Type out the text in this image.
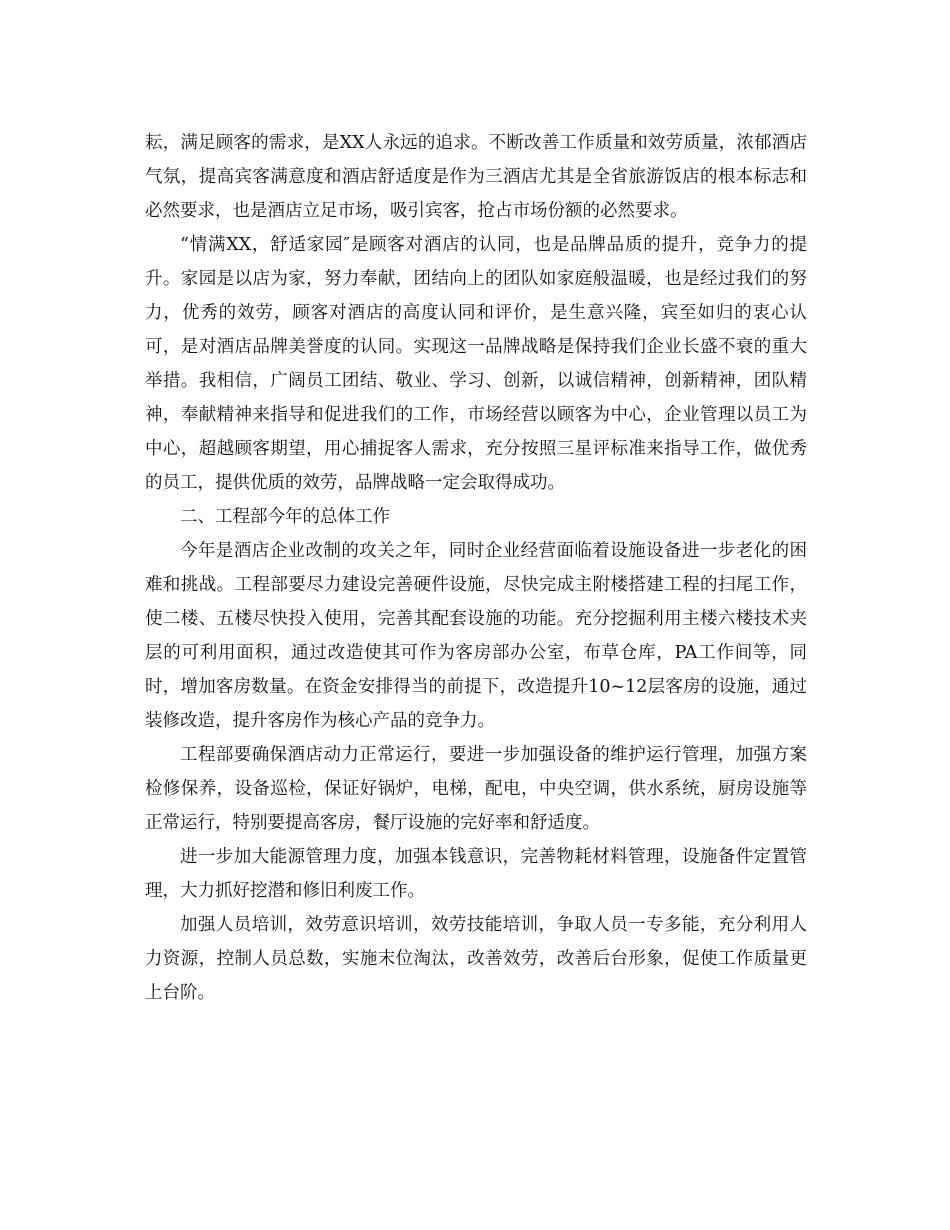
耘，满足顾客的需求，是XX人永远的追求。不断改善工作质量和效劳质量，浓郁酒店气氛，提高宾客满意度和酒店舒适度是作为三酒店尤其是全省旅游饭店的根本标志和必然要求，也是酒店立足市场，吸引宾客，抢占市场份额的必然要求。

“情满XX，舒适家园″是顾客对酒店的认同，也是品牌品质的提升，竞争力的提升。家园是以店为家，努力奉献，团结向上的团队如家庭般温暖，也是经过我们的努力，优秀的效劳，顾客对酒店的高度认同和评价，是生意兴隆，宾至如归的衷心认可，是对酒店品牌美誉度的认同。实现这一品牌战略是保持我们企业长盛不衰的重大举措。我相信，广阔员工团结、敬业、学习、创新，以诚信精神，创新精神，团队精神，奉献精神来指导和促进我们的工作，市场经营以顾客为中心，企业管理以员工为中心，超越顾客期望，用心捕捉客人需求，充分按照三星评标准来指导工作，做优秀的员工，提供优质的效劳，品牌战略一定会取得成功。

二、工程部今年的总体工作

今年是酒店企业改制的攻关之年，同时企业经营面临着设施设备进一步老化的困难和挑战。工程部要尽力建设完善硬件设施，尽快完成主附楼搭建工程的扫尾工作，使二楼、五楼尽快投入使用，完善其配套设施的功能。充分挖掘利用主楼六楼技术夹层的可利用面积，通过改造使其可作为客房部办公室，布草仓库，PA工作间等，同时，增加客房数量。在资金安排得当的前提下，改造提升10~12层客房的设施，通过装修改造，提升客房作为核心产品的竞争力。

工程部要确保酒店动力正常运行，要进一步加强设备的维护运行管理，加强方案检修保养，设备巡检，保证好锅炉，电梯，配电，中央空调，供水系统，厨房设施等正常运行，特别要提高客房，餐厅设施的完好率和舒适度。

进一步加大能源管理力度，加强本钱意识，完善物耗材料管理，设施备件定置管理，大力抓好挖潜和修旧利废工作。

加强人员培训，效劳意识培训，效劳技能培训，争取人员一专多能，充分利用人力资源，控制人员总数，实施末位淘汰，改善效劳，改善后台形象，促使工作质量更上台阶。
